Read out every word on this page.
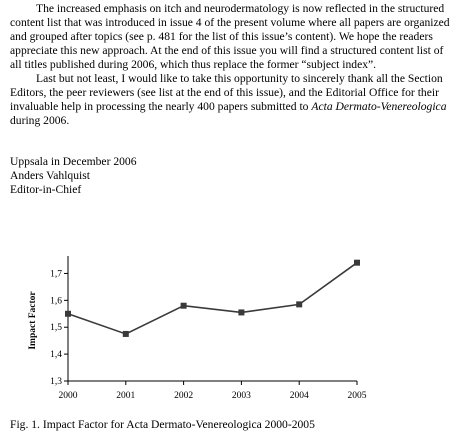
The increased emphasis on itch and neurodermatology is now reflected in the structured content list that was introduced in issue 4 of the present volume where all papers are organized and grouped after topics (see p. 481 for the list of this issue’s content). We hope the readers appreciate this new approach. At the end of this issue you will find a structured content list of all titles published during 2006, which thus replace the former “subject index”.

Last but not least, I would like to take this opportunity to sincerely thank all the Section Editors, the peer reviewers (see list at the end of this issue), and the Editorial Office for their invaluable help in processing the nearly 400 papers submitted to Acta Dermato-Venereologica during 2006.

Uppsala in December 2006
Anders Vahlquist
Editor-in-Chief
1,3
1,4
1,5
1,6
1,7
2000	2001	2002	2003	2004	2005
Impact Factor
Fig. 1. Impact Factor for Acta Dermato-Venereologica 2000-2005
